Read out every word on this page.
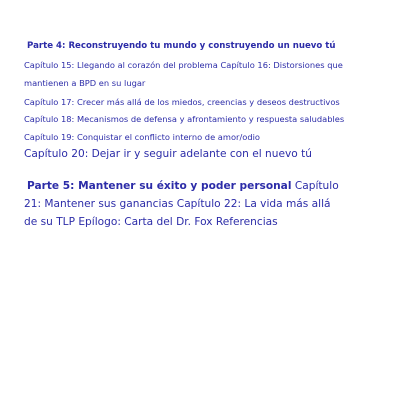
Parte 4: Reconstruyendo tu mundo y construyendo un nuevo tú
Capítulo 15: Llegando al corazón del problema Capítulo 16: Distorsiones que
mantienen a BPD en su lugar
Capítulo 17: Crecer más allá de los miedos, creencias y deseos destructivos
Capítulo 18: Mecanismos de defensa y afrontamiento y respuesta saludables
Capítulo 19: Conquistar el conflicto interno de amor/odio
Capítulo 20: Dejar ir y seguir adelante con el nuevo tú
Parte 5: Mantener su éxito y poder personal Capítulo
21: Mantener sus ganancias Capítulo 22: La vida más allá
de su TLP Epílogo: Carta del Dr. Fox Referencias
